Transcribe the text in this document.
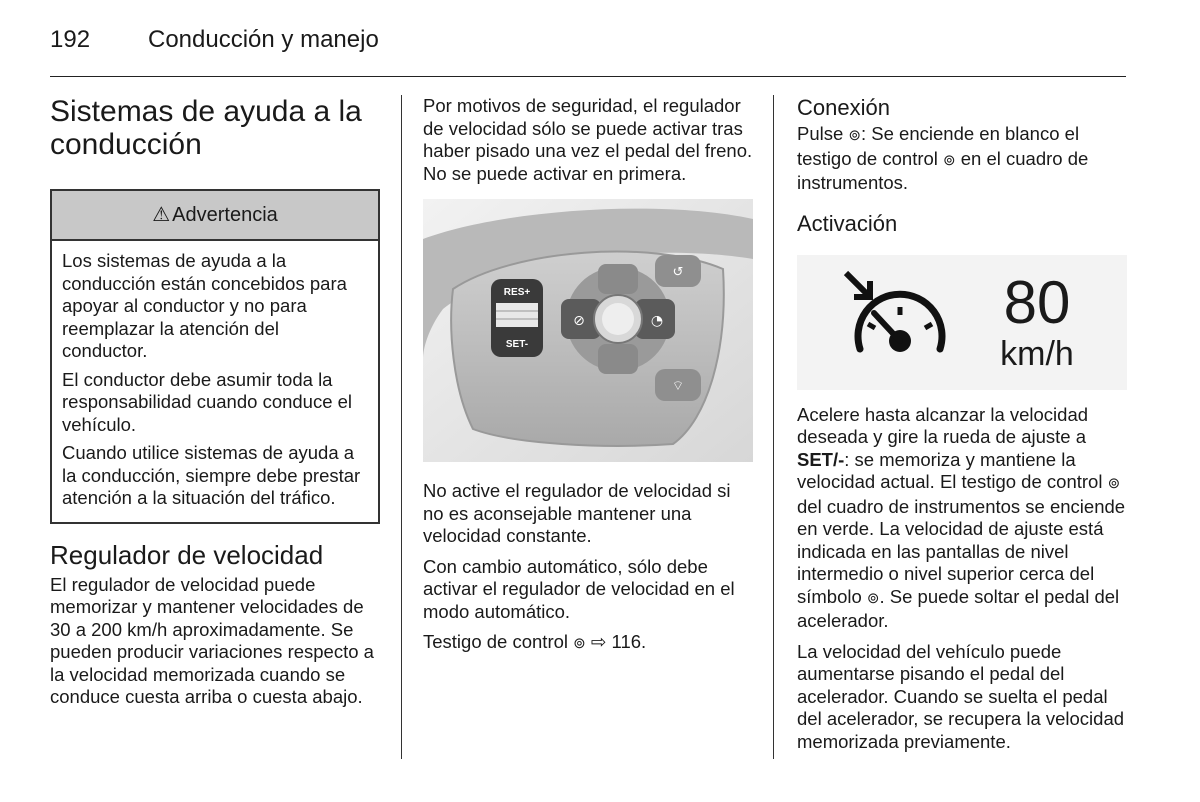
192 Conducción y manejo
Sistemas de ayuda a la conducción
⚠ Advertencia

Los sistemas de ayuda a la conducción están concebidos para apoyar al conductor y no para reemplazar la atención del conductor.

El conductor debe asumir toda la responsabilidad cuando conduce el vehículo.

Cuando utilice sistemas de ayuda a la conducción, siempre debe prestar atención a la situación del tráfico.

Regulador de velocidad

El regulador de velocidad puede memorizar y mantener velocidades de 30 a 200 km/h aproximadamente. Se pueden producir variaciones respecto a la velocidad memorizada cuando se conduce cuesta arriba o cuesta abajo.

Por motivos de seguridad, el regulador de velocidad sólo se puede activar tras haber pisado una vez el pedal del freno. No se puede activar en primera.

RES+
SET-
⊘	◔
↺
⌔

No active el regulador de velocidad si no es aconsejable mantener una velocidad constante.

Con cambio automático, sólo debe activar el regulador de velocidad en el modo automático.

Testigo de control ⊚ ⇨ 116.

Conexión

Pulse ⊚: Se enciende en blanco el testigo de control ⊚ en el cuadro de instrumentos.

Activación
80
km/h

Acelere hasta alcanzar la velocidad deseada y gire la rueda de ajuste a SET/-: se memoriza y mantiene la velocidad actual. El testigo de control ⊚ del cuadro de instrumentos se enciende en verde. La velocidad de ajuste está indicada en las pantallas de nivel intermedio o nivel superior cerca del símbolo ⊚. Se puede soltar el pedal del acelerador.

La velocidad del vehículo puede aumentarse pisando el pedal del acelerador. Cuando se suelta el pedal del acelerador, se recupera la velocidad memorizada previamente.
